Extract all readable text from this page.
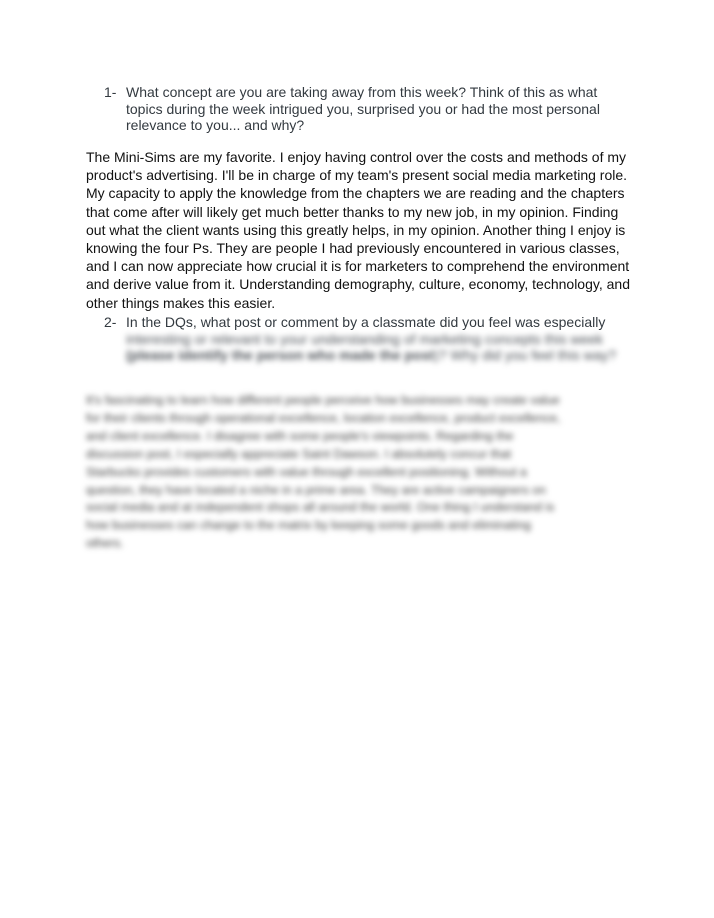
1- What concept are you are taking away from this week? Think of this as what
topics during the week intrigued you, surprised you or had the most personal
relevance to you... and why?
The Mini-Sims are my favorite. I enjoy having control over the costs and methods of my
product's advertising. I'll be in charge of my team's present social media marketing role.
My capacity to apply the knowledge from the chapters we are reading and the chapters
that come after will likely get much better thanks to my new job, in my opinion. Finding
out what the client wants using this greatly helps, in my opinion. Another thing I enjoy is
knowing the four Ps. They are people I had previously encountered in various classes,
and I can now appreciate how crucial it is for marketers to comprehend the environment
and derive value from it. Understanding demography, culture, economy, technology, and
other things makes this easier.
2- In the DQs, what post or comment by a classmate did you feel was especially
interesting or relevant to your understanding of marketing concepts this week
(please identify the person who made the post)? Why did you feel this way?
It's fascinating to learn how different people perceive how businesses may create value
for their clients through operational excellence, location excellence, product excellence,
and client excellence. I disagree with some people's viewpoints. Regarding the
discussion post, I especially appreciate Saint Dawson. I absolutely concur that
Starbucks provides customers with value through excellent positioning. Without a
question, they have located a niche in a prime area. They are active campaigners on
social media and at independent shops all around the world. One thing I understand is
how businesses can change to the matrix by keeping some goods and eliminating
others.
